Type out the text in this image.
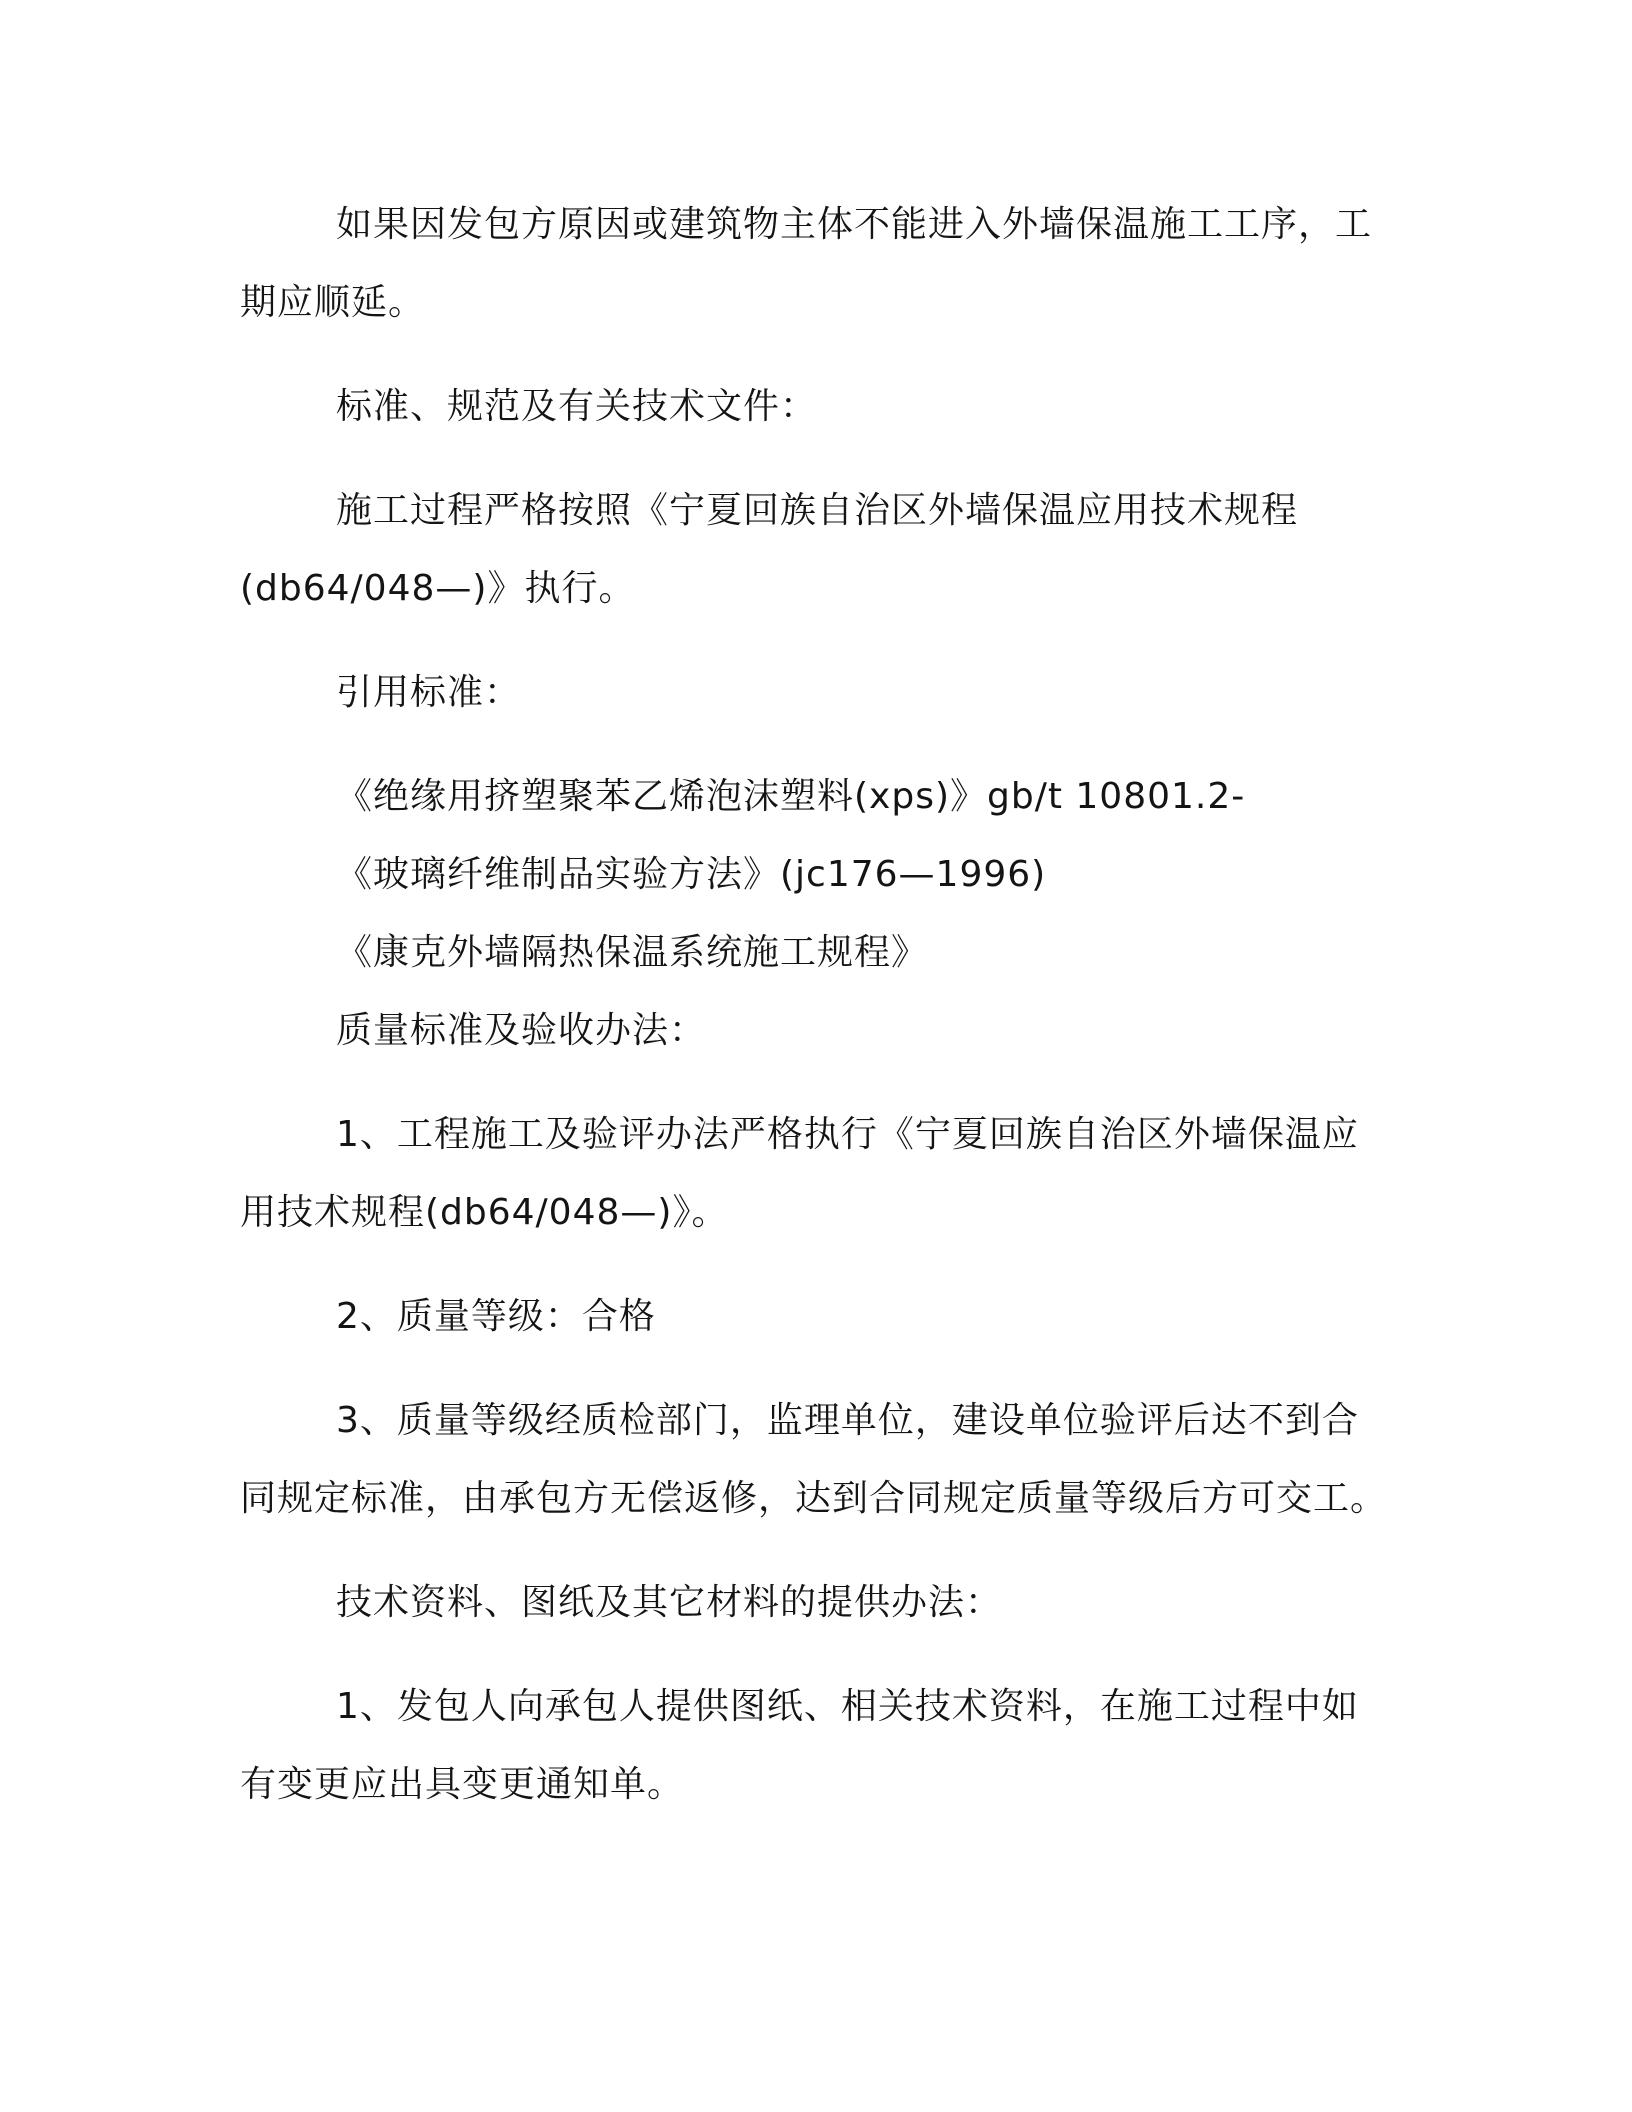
如果因发包方原因或建筑物主体不能进入外墙保温施工工序，工期应顺延。

标准、规范及有关技术文件：

施工过程严格按照《宁夏回族自治区外墙保温应用技术规程(db64/048—)》执行。

引用标准：

《绝缘用挤塑聚苯乙烯泡沫塑料(xps)》gb/t 10801.2-

《玻璃纤维制品实验方法》(jc176—1996)

《康克外墙隔热保温系统施工规程》

质量标准及验收办法：

1、工程施工及验评办法严格执行《宁夏回族自治区外墙保温应用技术规程(db64/048—)》。

2、质量等级：合格

3、质量等级经质检部门，监理单位，建设单位验评后达不到合同规定标准，由承包方无偿返修，达到合同规定质量等级后方可交工。

技术资料、图纸及其它材料的提供办法：

1、发包人向承包人提供图纸、相关技术资料，在施工过程中如有变更应出具变更通知单。
